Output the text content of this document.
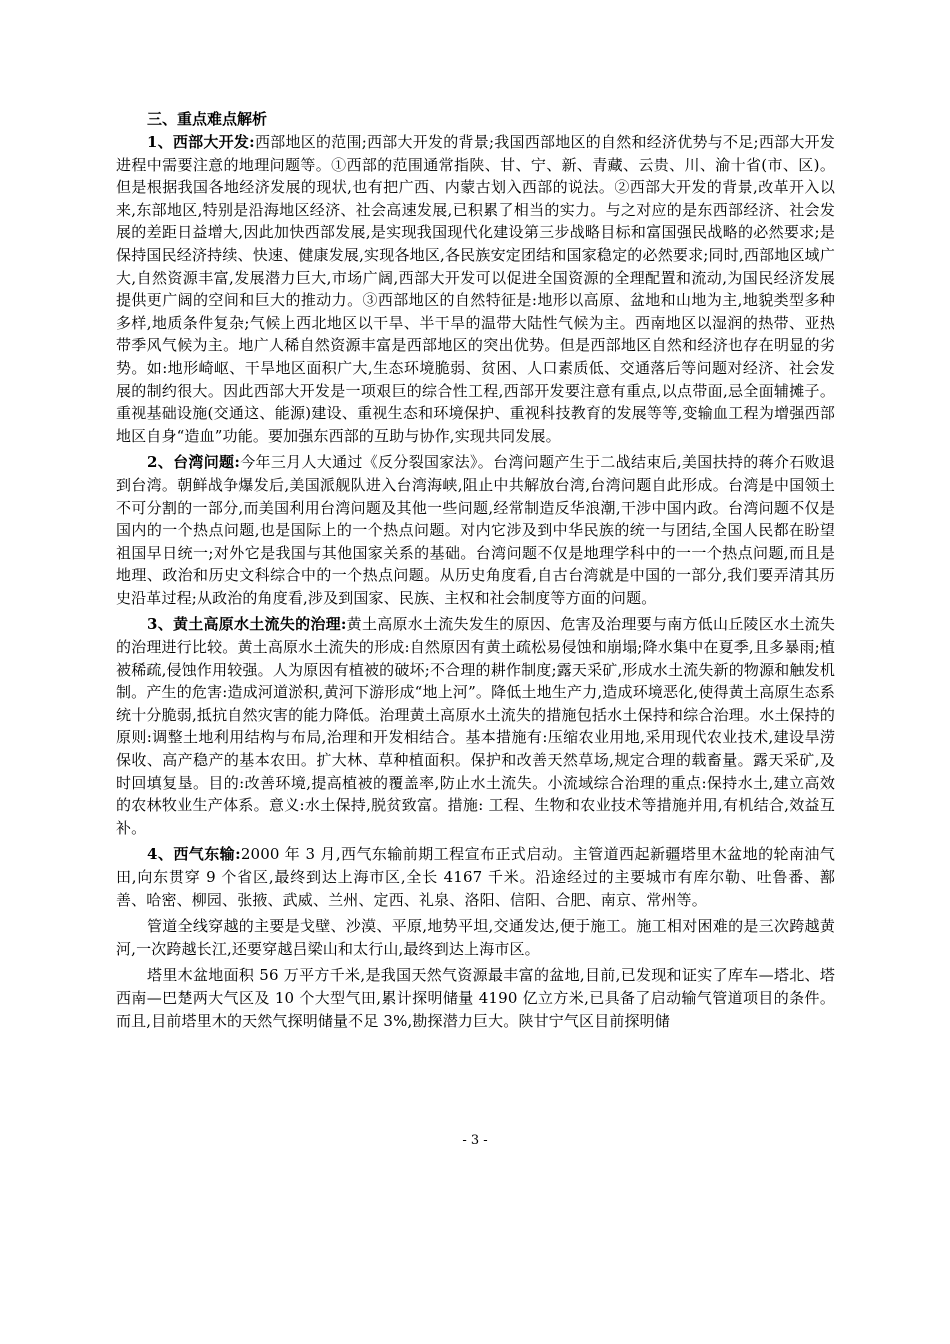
三、重点难点解析

1、西部大开发:西部地区的范围;西部大开发的背景;我国西部地区的自然和经济优势与不足;西部大开发进程中需要注意的地理问题等。①西部的范围通常指陕、甘、宁、新、青藏、云贵、川、渝十省(市、区)。但是根据我国各地经济发展的现状,也有把广西、内蒙古划入西部的说法。②西部大开发的背景,改革开入以来,东部地区,特别是沿海地区经济、社会高速发展,已积累了相当的实力。与之对应的是东西部经济、社会发展的差距日益增大,因此加快西部发展,是实现我国现代化建设第三步战略目标和富国强民战略的必然要求;是保持国民经济持续、快速、健康发展,实现各地区,各民族安定团结和国家稳定的必然要求;同时,西部地区域广大,自然资源丰富,发展潜力巨大,市场广阔,西部大开发可以促进全国资源的全理配置和流动,为国民经济发展提供更广阔的空间和巨大的推动力。③西部地区的自然特征是:地形以高原、盆地和山地为主,地貌类型多种多样,地质条件复杂;气候上西北地区以干旱、半干旱的温带大陆性气候为主。西南地区以湿润的热带、亚热带季风气候为主。地广人稀自然资源丰富是西部地区的突出优势。但是西部地区自然和经济也存在明显的劣势。如:地形崎岖、干旱地区面积广大,生态环境脆弱、贫困、人口素质低、交通落后等问题对经济、社会发展的制约很大。因此西部大开发是一项艰巨的综合性工程,西部开发要注意有重点,以点带面,忌全面辅摊子。重视基础设施(交通这、能源)建设、重视生态和环境保护、重视科技教育的发展等等,变输血工程为增强西部地区自身“造血”功能。要加强东西部的互助与协作,实现共同发展。

2、台湾问题:今年三月人大通过《反分裂国家法》。台湾问题产生于二战结束后,美国扶持的蒋介石败退到台湾。朝鲜战争爆发后,美国派舰队进入台湾海峡,阻止中共解放台湾,台湾问题自此形成。台湾是中国领土不可分割的一部分,而美国利用台湾问题及其他一些问题,经常制造反华浪潮,干涉中国内政。台湾问题不仅是国内的一个热点问题,也是国际上的一个热点问题。对内它涉及到中华民族的统一与团结,全国人民都在盼望祖国早日统一;对外它是我国与其他国家关系的基础。台湾问题不仅是地理学科中的一一个热点问题,而且是地理、政治和历史文科综合中的一个热点问题。从历史角度看,自古台湾就是中国的一部分,我们要弄清其历史沿革过程;从政治的角度看,涉及到国家、民族、主权和社会制度等方面的问题。

3、黄土高原水土流失的治理:黄土高原水土流失发生的原因、危害及治理要与南方低山丘陵区水土流失的治理进行比较。黄土高原水土流失的形成:自然原因有黄土疏松易侵蚀和崩塌;降水集中在夏季,且多暴雨;植被稀疏,侵蚀作用较强。人为原因有植被的破坏;不合理的耕作制度;露天采矿,形成水土流失新的物源和触发机制。产生的危害:造成河道淤积,黄河下游形成“地上河”。降低土地生产力,造成环境恶化,使得黄土高原生态系统十分脆弱,抵抗自然灾害的能力降低。治理黄土高原水土流失的措施包括水土保持和综合治理。水土保持的原则:调整土地利用结构与布局,治理和开发相结合。基本措施有:压缩农业用地,采用现代农业技术,建设旱涝保收、高产稳产的基本农田。扩大林、草种植面积。保护和改善天然草场,规定合理的载畜量。露天采矿,及时回填复垦。目的:改善环境,提高植被的覆盖率,防止水土流失。小流域综合治理的重点:保持水土,建立高效的农林牧业生产体系。意义:水土保持,脱贫致富。措施: 工程、生物和农业技术等措施并用,有机结合,效益互补。

4、西气东输:2000 年 3 月,西气东输前期工程宣布正式启动。主管道西起新疆塔里木盆地的轮南油气田,向东贯穿 9 个省区,最终到达上海市区,全长 4167 千米。沿途经过的主要城市有库尔勒、吐鲁番、鄯善、哈密、柳园、张掖、武威、兰州、定西、礼泉、洛阳、信阳、合肥、南京、常州等。

管道全线穿越的主要是戈壁、沙漠、平原,地势平坦,交通发达,便于施工。施工相对困难的是三次跨越黄河,一次跨越长江,还要穿越吕梁山和太行山,最终到达上海市区。

塔里木盆地面积 56 万平方千米,是我国天然气资源最丰富的盆地,目前,已发现和证实了库车—塔北、塔西南—巴楚两大气区及 10 个大型气田,累计探明储量 4190 亿立方米,已具备了启动输气管道项目的条件。而且,目前塔里木的天然气探明储量不足 3%,勘探潜力巨大。陕甘宁气区目前探明储

- 3 -
